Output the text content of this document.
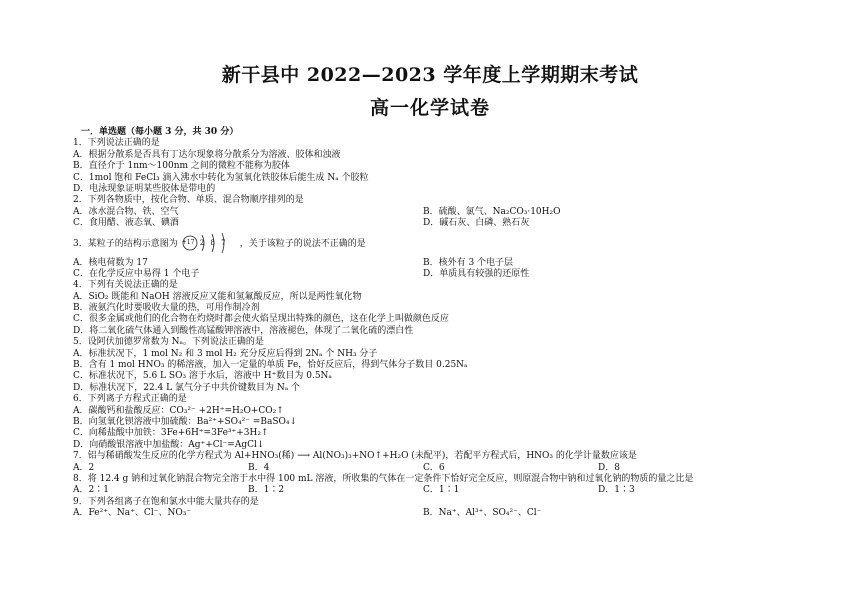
新干县中 2022—2023 学年度上学期期末考试
高一化学试卷
一．单选题（每小题 3 分，共 30 分）
1．下列说法正确的是
A．根据分散系是否具有丁达尔现象将分散系分为溶液、胶体和浊液
B．直径介于 1nm～100nm 之间的微粒不能称为胶体
C．1mol 饱和 FeCl₃ 滴入沸水中转化为氢氧化铁胶体后能生成 Nₐ 个胶粒
D．电泳现象证明某些胶体是带电的
2．下列各物质中，按化合物、单质、混合物顺序排列的是
A．冰水混合物、铁、空气	B．硫酸、氯气、Na₂CO₃·10H₂O
C．食用醋、液态氧、碘酒	D．碱石灰、白磷、熟石灰
3．某粒子的结构示意图为 +17 2 8 7 ，关于该粒子的说法不正确的是
A．核电荷数为 17	B．核外有 3 个电子层
C．在化学反应中易得 1 个电子	D．单质具有较强的还原性
4．下列有关说法正确的是
A．SiO₂ 既能和 NaOH 溶液反应又能和氢氟酸反应，所以是两性氧化物
B．液氨汽化时要吸收大量的热，可用作制冷剂
C．很多金属或他们的化合物在灼烧时都会使火焰呈现出特殊的颜色，这在化学上叫做颜色反应
D．将二氧化硫气体通入到酸性高锰酸钾溶液中，溶液褪色，体现了二氧化硫的漂白性
5．设阿伏加德罗常数为 Nₐ。下列说法正确的是
A．标准状况下，1 mol N₂ 和 3 mol H₂ 充分反应后得到 2Nₐ 个 NH₃ 分子
B．含有 1 mol HNO₃ 的稀溶液，加入一定量的单质 Fe，恰好反应后，得到气体分子数目 0.25Nₐ
C．标准状况下，5.6 L SO₃ 溶于水后，溶液中 H⁺数目为 0.5Nₐ
D．标准状况下，22.4 L 氯气分子中共价键数目为 Nₐ 个
6．下列离子方程式正确的是
A．碳酸钙和盐酸反应：CO₃²⁻ +2H⁺=H₂O+CO₂↑
B．向氢氧化钡溶液中加硫酸：Ba²⁺+SO₄²⁻ =BaSO₄↓
C．向稀盐酸中加铁：3Fe+6H⁺=3Fe³⁺+3H₂↑
D．向硝酸银溶液中加盐酸：Ag⁺+Cl⁻=AgCl↓
7．铝与稀硝酸发生反应的化学方程式为 Al+HNO₃(稀) ⟶ Al(NO₃)₃+NO↑+H₂O (未配平)，若配平方程式后，HNO₃ 的化学计量数应该是
A．2	B．4	C．6	D．8
8．将 12.4 g 钠和过氧化钠混合物完全溶于水中得 100 mL 溶液，所收集的气体在一定条件下恰好完全反应，则原混合物中钠和过氧化钠的物质的量之比是
A．2∶1	B．1∶2	C．1∶1	D．1∶3
9．下列各组离子在饱和氯水中能大量共存的是
A．Fe²⁺、Na⁺、Cl⁻、NO₃⁻	B．Na⁺、Al³⁺、SO₄²⁻、Cl⁻
